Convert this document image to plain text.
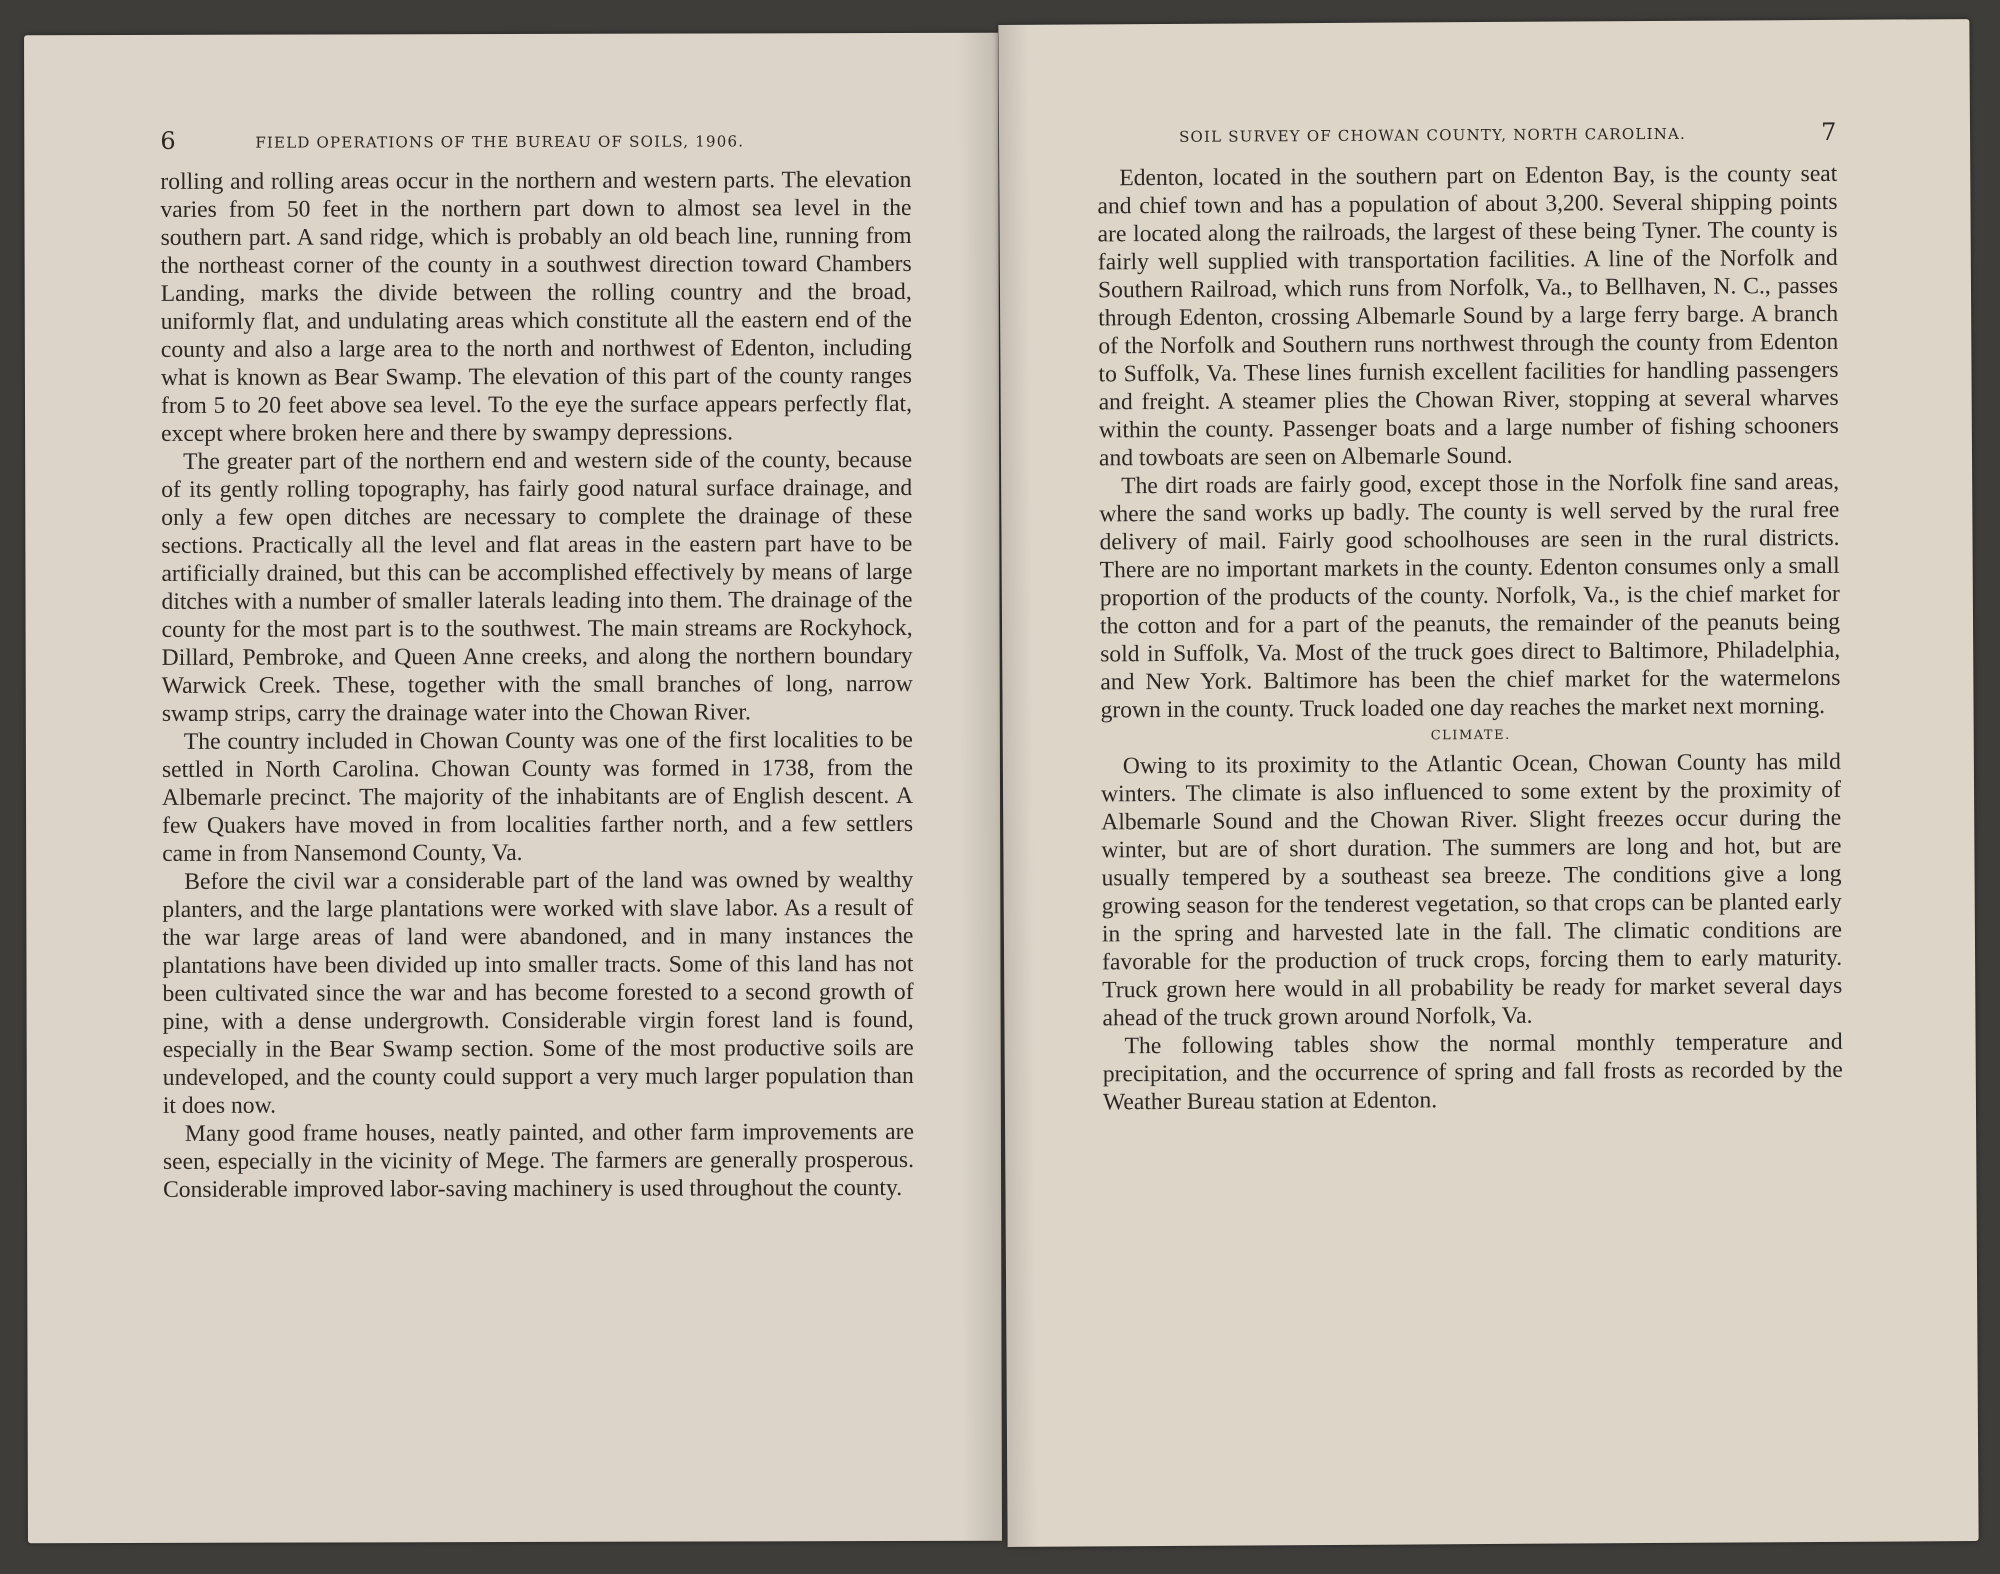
6	FIELD OPERATIONS OF THE BUREAU OF SOILS, 1906.

rolling and rolling areas occur in the northern and western parts. The elevation varies from 50 feet in the northern part down to almost sea level in the southern part. A sand ridge, which is probably an old beach line, running from the northeast corner of the county in a southwest direction toward Chambers Landing, marks the divide between the rolling country and the broad, uniformly flat, and undulating areas which constitute all the eastern end of the county and also a large area to the north and northwest of Edenton, including what is known as Bear Swamp. The elevation of this part of the county ranges from 5 to 20 feet above sea level. To the eye the surface appears perfectly flat, except where broken here and there by swampy depressions.

The greater part of the northern end and western side of the county, because of its gently rolling topography, has fairly good natural surface drainage, and only a few open ditches are necessary to complete the drainage of these sections. Practically all the level and flat areas in the eastern part have to be artificially drained, but this can be accomplished effectively by means of large ditches with a number of smaller laterals leading into them. The drainage of the county for the most part is to the southwest. The main streams are Rockyhock, Dillard, Pembroke, and Queen Anne creeks, and along the northern boundary Warwick Creek. These, together with the small branches of long, narrow swamp strips, carry the drainage water into the Chowan River.

The country included in Chowan County was one of the first localities to be settled in North Carolina. Chowan County was formed in 1738, from the Albemarle precinct. The majority of the inhabitants are of English descent. A few Quakers have moved in from localities farther north, and a few settlers came in from Nansemond County, Va.

Before the civil war a considerable part of the land was owned by wealthy planters, and the large plantations were worked with slave labor. As a result of the war large areas of land were abandoned, and in many instances the plantations have been divided up into smaller tracts. Some of this land has not been cultivated since the war and has become forested to a second growth of pine, with a dense undergrowth. Considerable virgin forest land is found, especially in the Bear Swamp section. Some of the most productive soils are undeveloped, and the county could support a very much larger population than it does now.

Many good frame houses, neatly painted, and other farm improvements are seen, especially in the vicinity of Mege. The farmers are generally prosperous. Considerable improved labor-saving machinery is used throughout the county.

SOIL SURVEY OF CHOWAN COUNTY, NORTH CAROLINA.	7

Edenton, located in the southern part on Edenton Bay, is the county seat and chief town and has a population of about 3,200. Several shipping points are located along the railroads, the largest of these being Tyner. The county is fairly well supplied with transportation facilities. A line of the Norfolk and Southern Railroad, which runs from Norfolk, Va., to Bellhaven, N. C., passes through Edenton, crossing Albemarle Sound by a large ferry barge. A branch of the Norfolk and Southern runs northwest through the county from Edenton to Suffolk, Va. These lines furnish excellent facilities for handling passengers and freight. A steamer plies the Chowan River, stopping at several wharves within the county. Passenger boats and a large number of fishing schooners and towboats are seen on Albemarle Sound.

The dirt roads are fairly good, except those in the Norfolk fine sand areas, where the sand works up badly. The county is well served by the rural free delivery of mail. Fairly good schoolhouses are seen in the rural districts. There are no important markets in the county. Edenton consumes only a small proportion of the products of the county. Norfolk, Va., is the chief market for the cotton and for a part of the peanuts, the remainder of the peanuts being sold in Suffolk, Va. Most of the truck goes direct to Baltimore, Philadelphia, and New York. Baltimore has been the chief market for the watermelons grown in the county. Truck loaded one day reaches the market next morning.

CLIMATE.

Owing to its proximity to the Atlantic Ocean, Chowan County has mild winters. The climate is also influenced to some extent by the proximity of Albemarle Sound and the Chowan River. Slight freezes occur during the winter, but are of short duration. The summers are long and hot, but are usually tempered by a southeast sea breeze. The conditions give a long growing season for the tenderest vegetation, so that crops can be planted early in the spring and harvested late in the fall. The climatic conditions are favorable for the production of truck crops, forcing them to early maturity. Truck grown here would in all probability be ready for market several days ahead of the truck grown around Norfolk, Va.

The following tables show the normal monthly temperature and precipitation, and the occurrence of spring and fall frosts as recorded by the Weather Bureau station at Edenton.
